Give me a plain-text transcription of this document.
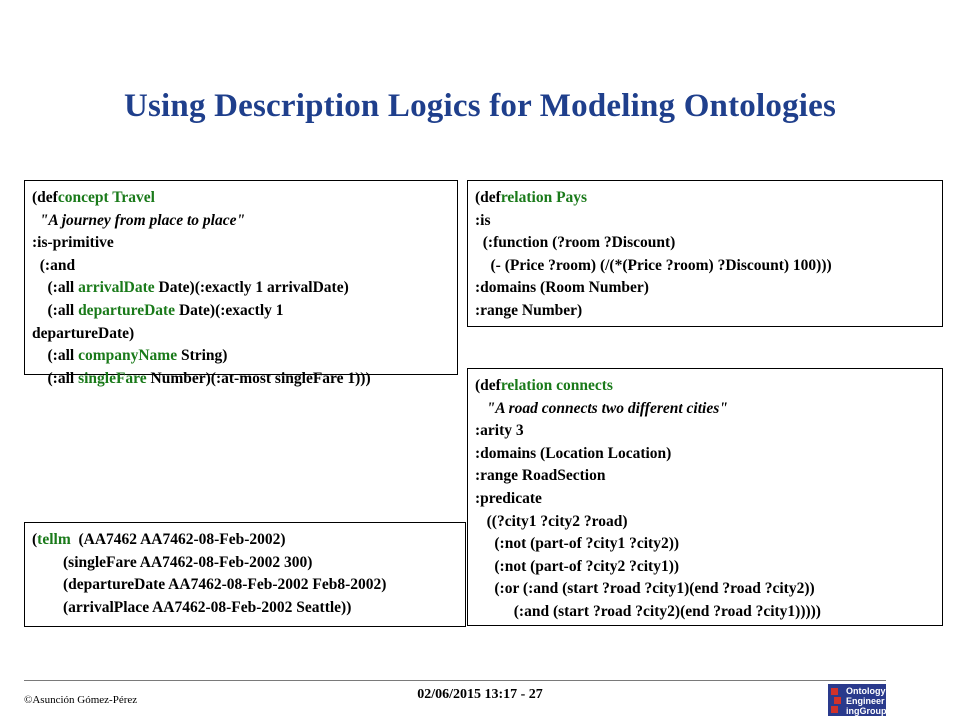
Using Description Logics for Modeling Ontologies
(defconcept Travel
"A journey from place to place"
:is-primitive
(:and
(:all arrivalDate Date)(:exactly 1 arrivalDate)
(:all departureDate Date)(:exactly 1
departureDate)
(:all companyName String)
(:all singleFare Number)(:at-most singleFare 1)))
(defrelation Pays
:is
(:function (?room ?Discount)
(- (Price ?room) (/(*(Price ?room) ?Discount) 100)))
:domains (Room Number)
:range Number)
(defrelation connects
"A road connects two different cities"
:arity 3
:domains (Location Location)
:range RoadSection
:predicate
((?city1 ?city2 ?road)
(:not (part-of ?city1 ?city2))
(:not (part-of ?city2 ?city1))
(:or (:and (start ?road ?city1)(end ?road ?city2))
(:and (start ?road ?city2)(end ?road ?city1)))))
(tellm  (AA7462 AA7462-08-Feb-2002)
(singleFare AA7462-08-Feb-2002 300)
(departureDate AA7462-08-Feb-2002 Feb8-2002)
(arrivalPlace AA7462-08-Feb-2002 Seattle))
©Asunción Gómez-Pérez	02/06/2015 13:17 - 27	Ontology
Engineer
ingGroup
